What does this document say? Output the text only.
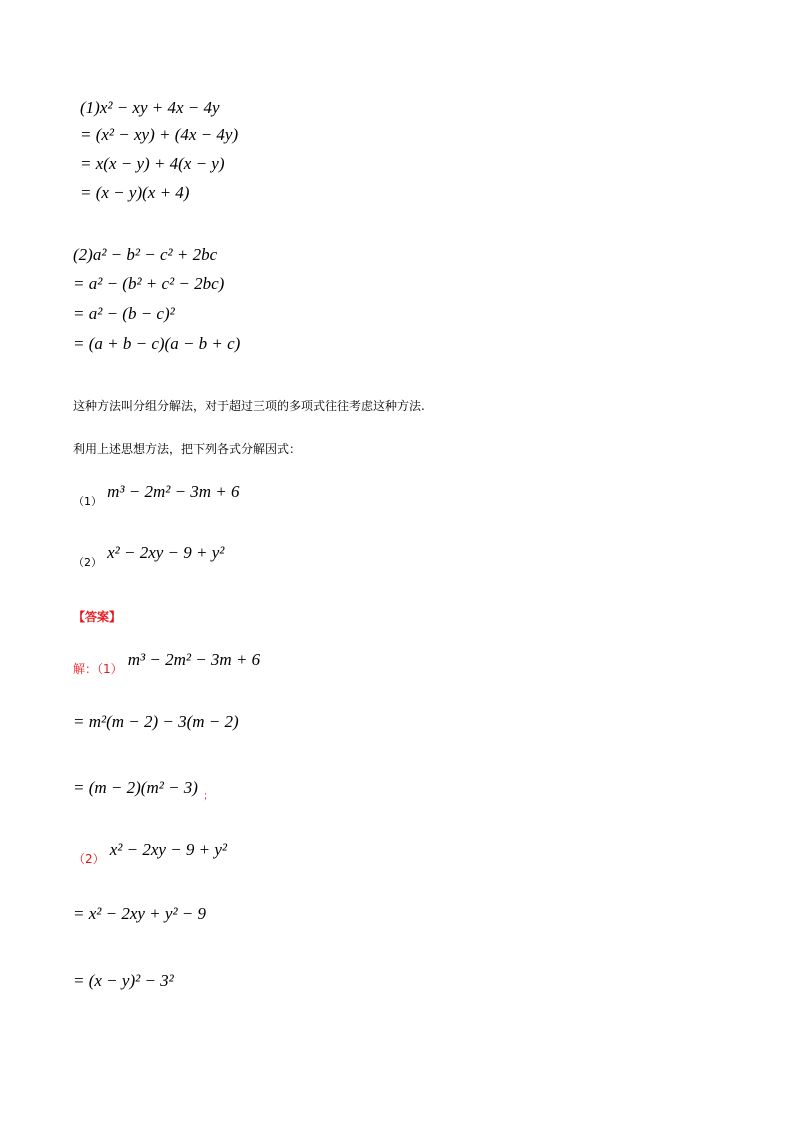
(1)x² − xy + 4x − 4y
= (x² − xy) + (4x − 4y)
= x(x − y) + 4(x − y)
= (x − y)(x + 4)
(2)a² − b² − c² + 2bc
= a² − (b² + c² − 2bc)
= a² − (b − c)²
= (a + b − c)(a − b + c)
这种方法叫分组分解法，对于超过三项的多项式往往考虑这种方法.
利用上述思想方法，把下列各式分解因式：
$_{(1)}$ m³ − 2m² − 3m + 6
$_{(2)}$ x² − 2xy − 9 + y²
【答案】
$_{解:(1)}$ m³ − 2m² − 3m + 6
= m²(m − 2) − 3(m − 2)
= (m − 2)(m² − 3) $_;$
$_{(2)}$ x² − 2xy − 9 + y²
= x² − 2xy + y² − 9
= (x − y)² − 3²
